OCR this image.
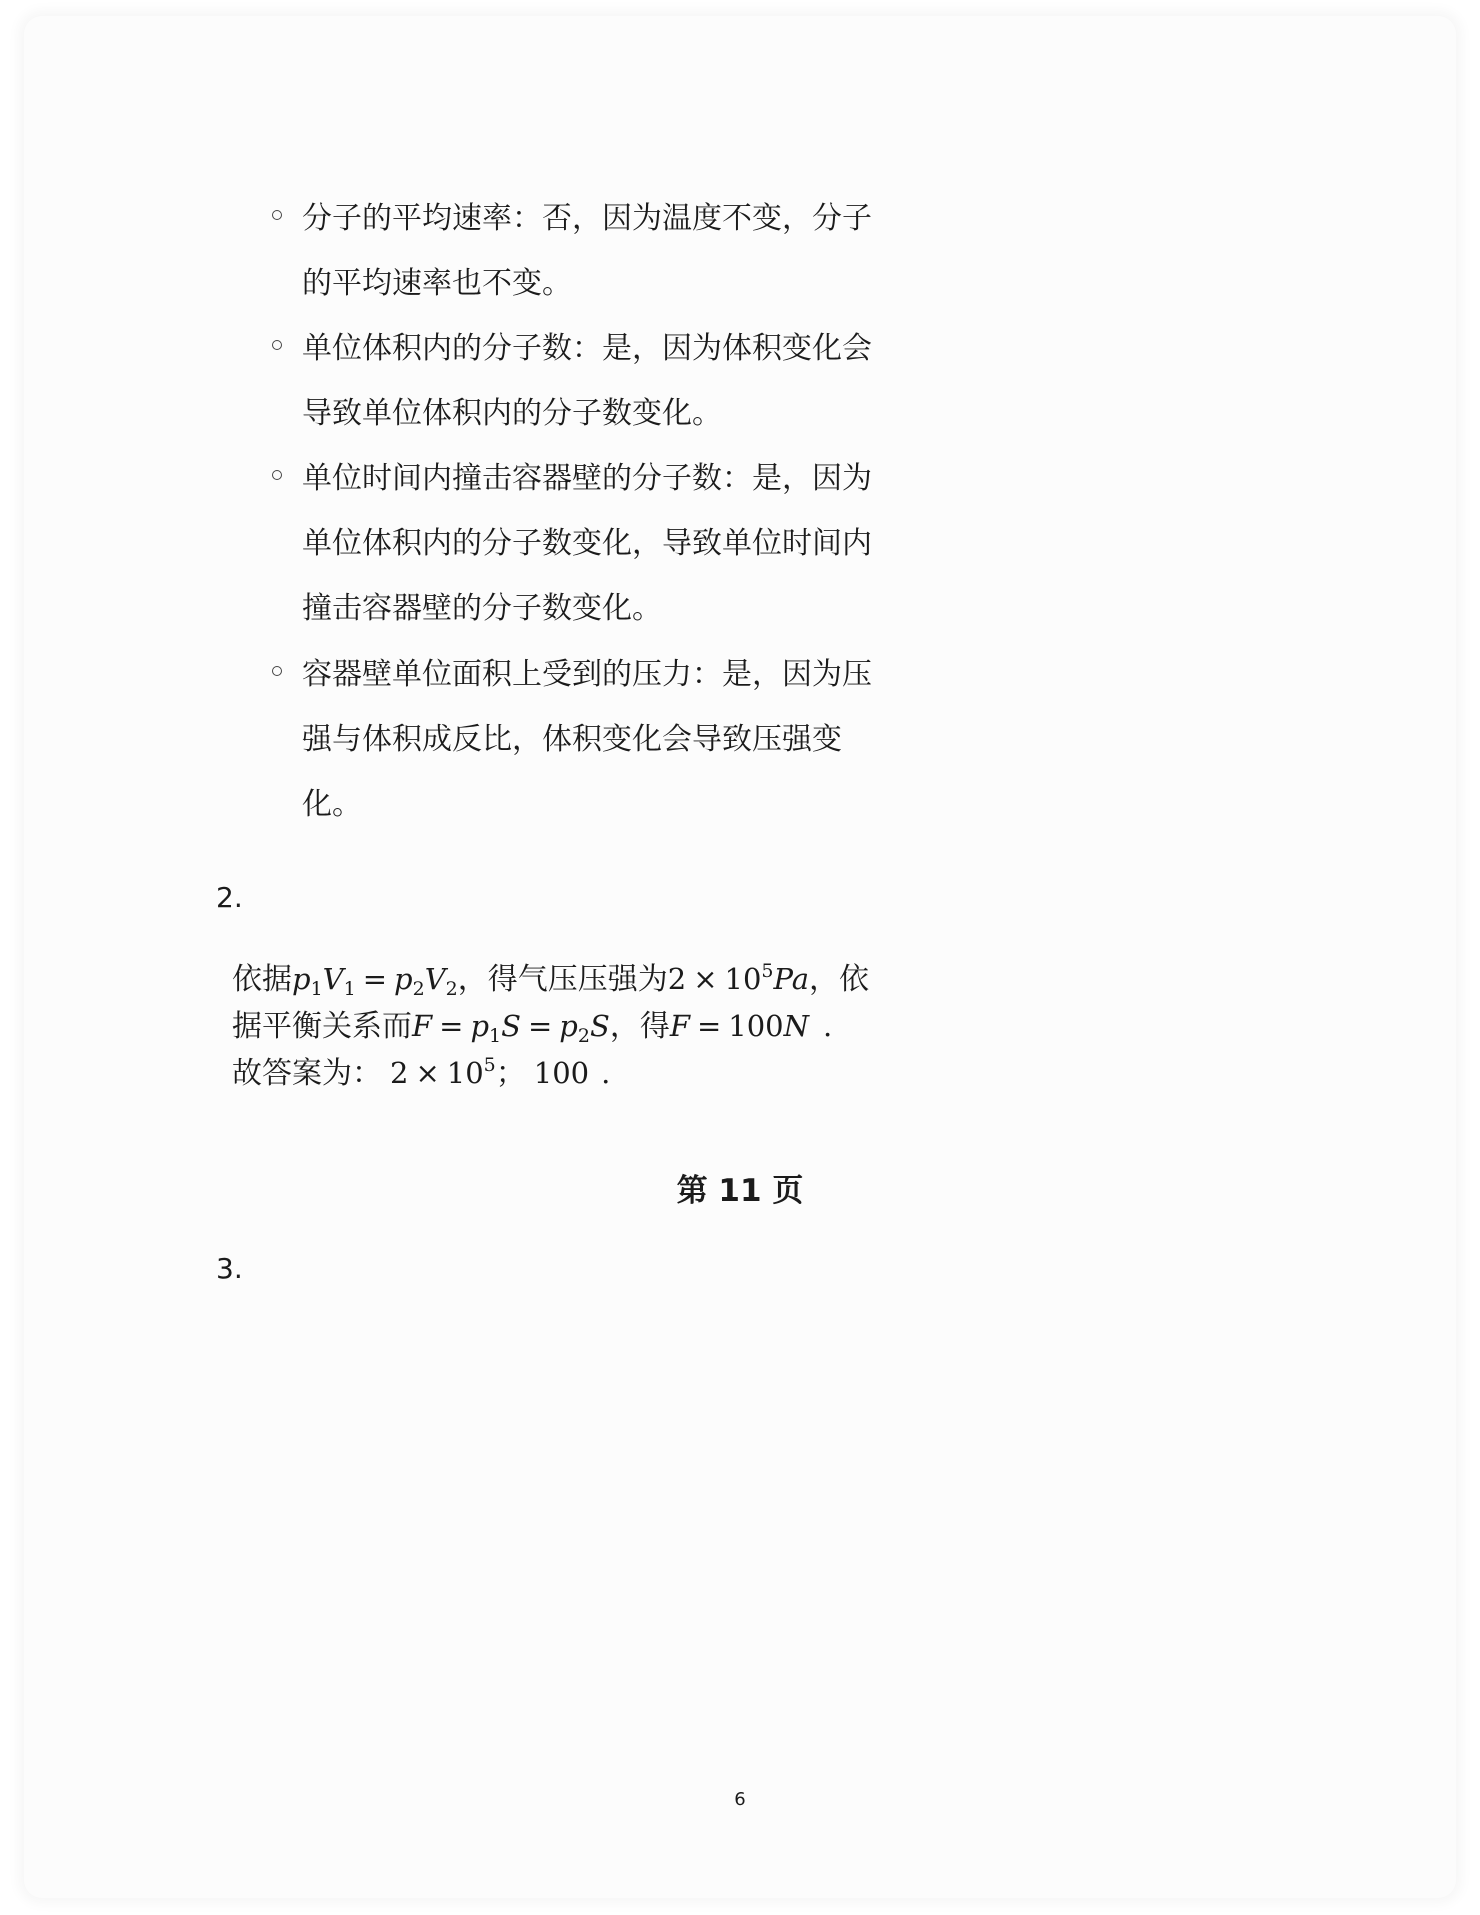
分子的平均速率：否，因为温度不变，分子的平均速率也不变。
单位体积内的分子数：是，因为体积变化会导致单位体积内的分子数变化。
单位时间内撞击容器壁的分子数：是，因为单位体积内的分子数变化，导致单位时间内撞击容器壁的分子数变化。
容器壁单位面积上受到的压力：是，因为压强与体积成反比，体积变化会导致压强变化。
2.
依据$p_1V_1 = p_2V_2$，得气压压强为$2 \times 10^5Pa$，依
据平衡关系而$F = p_1S = p_2S$，得F = 100N .
故答案为： $2 \times 10^5$； 100 .
第 11 页
3.
6
